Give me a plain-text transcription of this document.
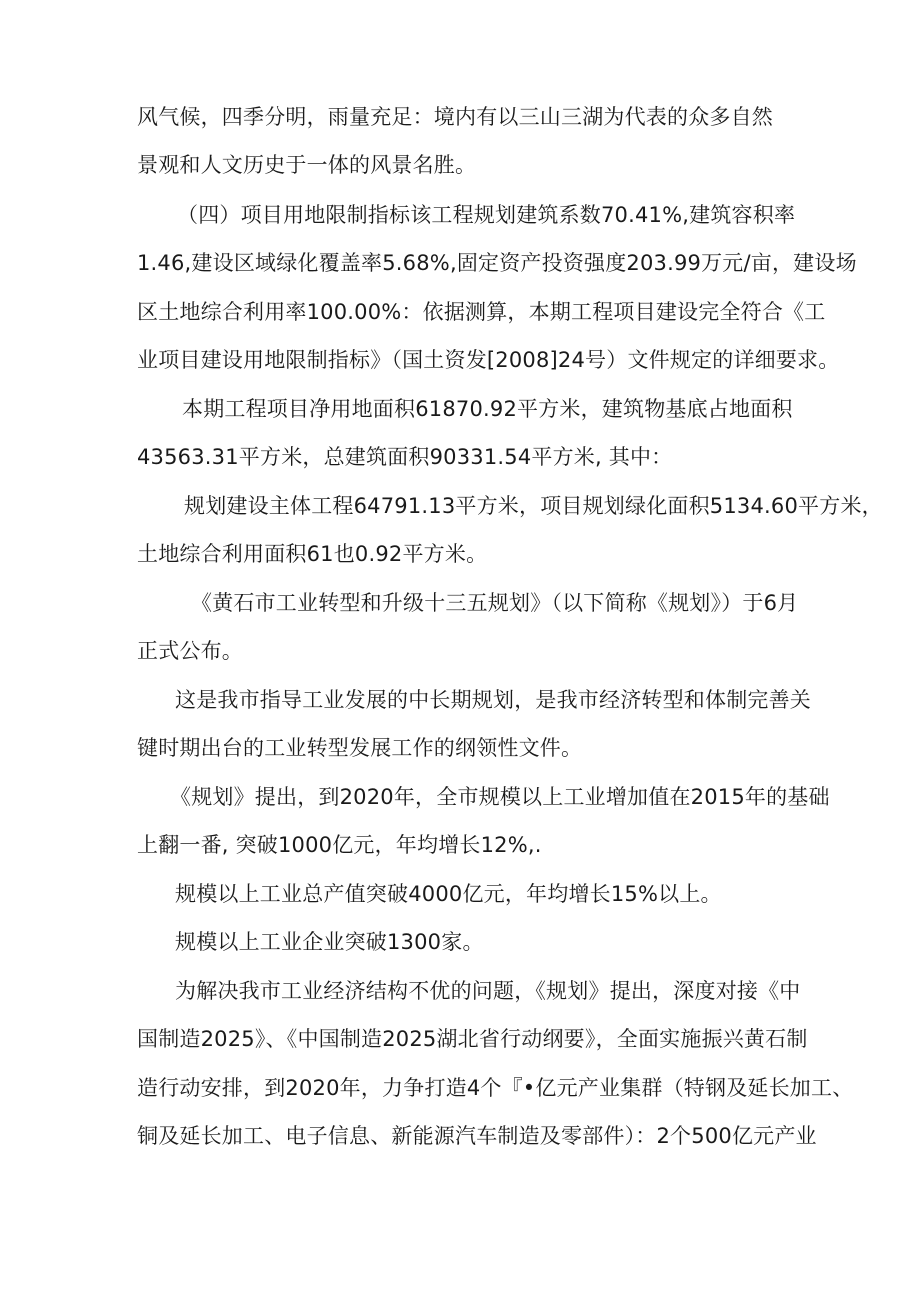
风气候，四季分明，雨量充足：境内有以三山三湖为代表的众多自然
景观和人文历史于一体的风景名胜。
（四）项目用地限制指标该工程规划建筑系数70.41%,建筑容积率
1.46,建设区域绿化覆盖率5.68%,固定资产投资强度203.99万元/亩，建设场
区土地综合利用率100.00%：依据测算，本期工程项目建设完全符合《工
业项目建设用地限制指标》（国土资发[2008]24号）文件规定的详细要求。
本期工程项目净用地面积61870.92平方米，建筑物基底占地面积
43563.31平方米，总建筑面积90331.54平方米, 其中：
规划建设主体工程64791.13平方米，项目规划绿化面积5134.60平方米，
土地综合利用面积61也0.92平方米。
《黄石市工业转型和升级十三五规划》（以下简称《规划》）于6月
正式公布。
这是我市指导工业发展的中长期规划，是我市经济转型和体制完善关
键时期出台的工业转型发展工作的纲领性文件。
《规划》提出，到2020年，全市规模以上工业增加值在2015年的基础
上翻一番, 突破1000亿元，年均增长12%,.
规模以上工业总产值突破4000亿元，年均增长15%以上。
规模以上工业企业突破1300家。
为解决我市工业经济结构不优的问题，《规划》提出，深度对接《中
国制造2025》、《中国制造2025湖北省行动纲要》，全面实施振兴黄石制
造行动安排，到2020年，力争打造4个『•亿元产业集群（特钢及延长加工、
铜及延长加工、电子信息、新能源汽车制造及零部件）：2个500亿元产业
